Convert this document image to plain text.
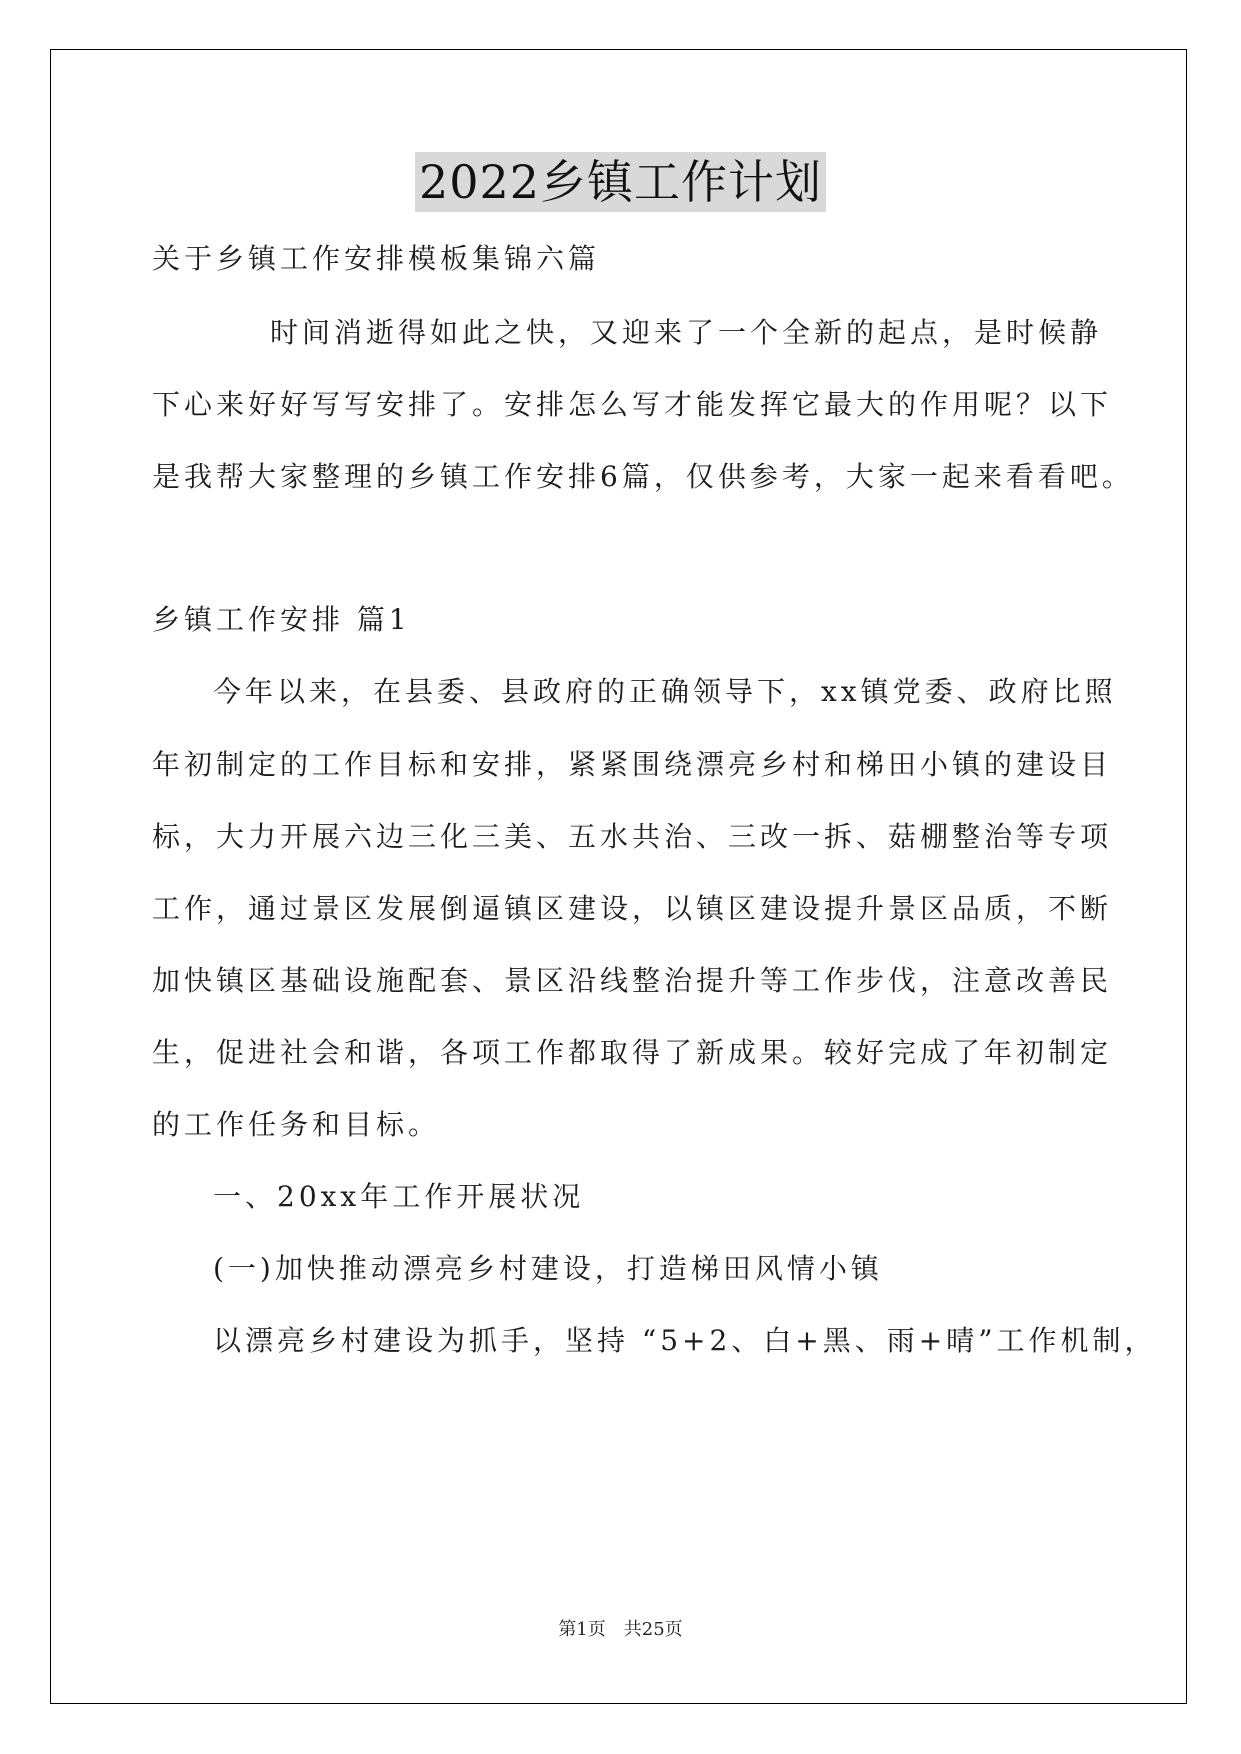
2022乡镇工作计划
关于乡镇工作安排模板集锦六篇
时间消逝得如此之快，又迎来了一个全新的起点，是时候静
下心来好好写写安排了。安排怎么写才能发挥它最大的作用呢？以下
是我帮大家整理的乡镇工作安排6篇，仅供参考，大家一起来看看吧。
乡镇工作安排 篇1
今年以来，在县委、县政府的正确领导下，xx镇党委、政府比照
年初制定的工作目标和安排，紧紧围绕漂亮乡村和梯田小镇的建设目
标，大力开展六边三化三美、五水共治、三改一拆、菇棚整治等专项
工作，通过景区发展倒逼镇区建设，以镇区建设提升景区品质，不断
加快镇区基础设施配套、景区沿线整治提升等工作步伐，注意改善民
生，促进社会和谐，各项工作都取得了新成果。较好完成了年初制定
的工作任务和目标。
一、20xx年工作开展状况
(一)加快推动漂亮乡村建设，打造梯田风情小镇
以漂亮乡村建设为抓手，坚持 “5+2、白+黑、雨+晴”工作机制，
第1页 共25页
